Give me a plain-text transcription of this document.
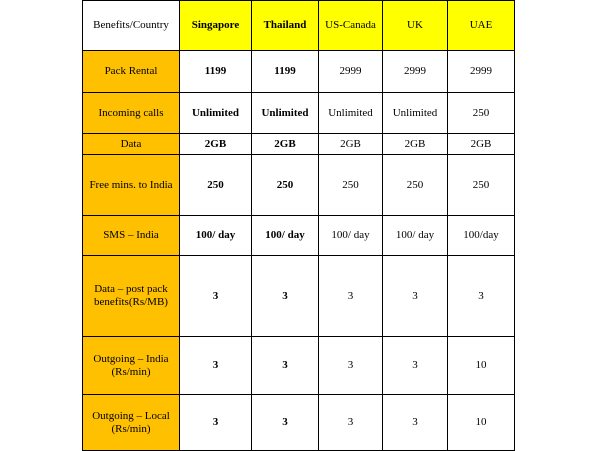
Benefits/Country	Singapore	Thailand	US-Canada	UK	UAE
Pack Rental	1199	1199	2999	2999	2999
Incoming calls	Unlimited	Unlimited	Unlimited	Unlimited	250
Data	2GB	2GB	2GB	2GB	2GB
Free mins. to India	250	250	250	250	250
SMS – India	100/ day	100/ day	100/ day	100/ day	100/day
Data – post pack benefits(Rs/MB)	3	3	3	3	3
Outgoing – India (Rs/min)	3	3	3	3	10
Outgoing – Local (Rs/min)	3	3	3	3	10
